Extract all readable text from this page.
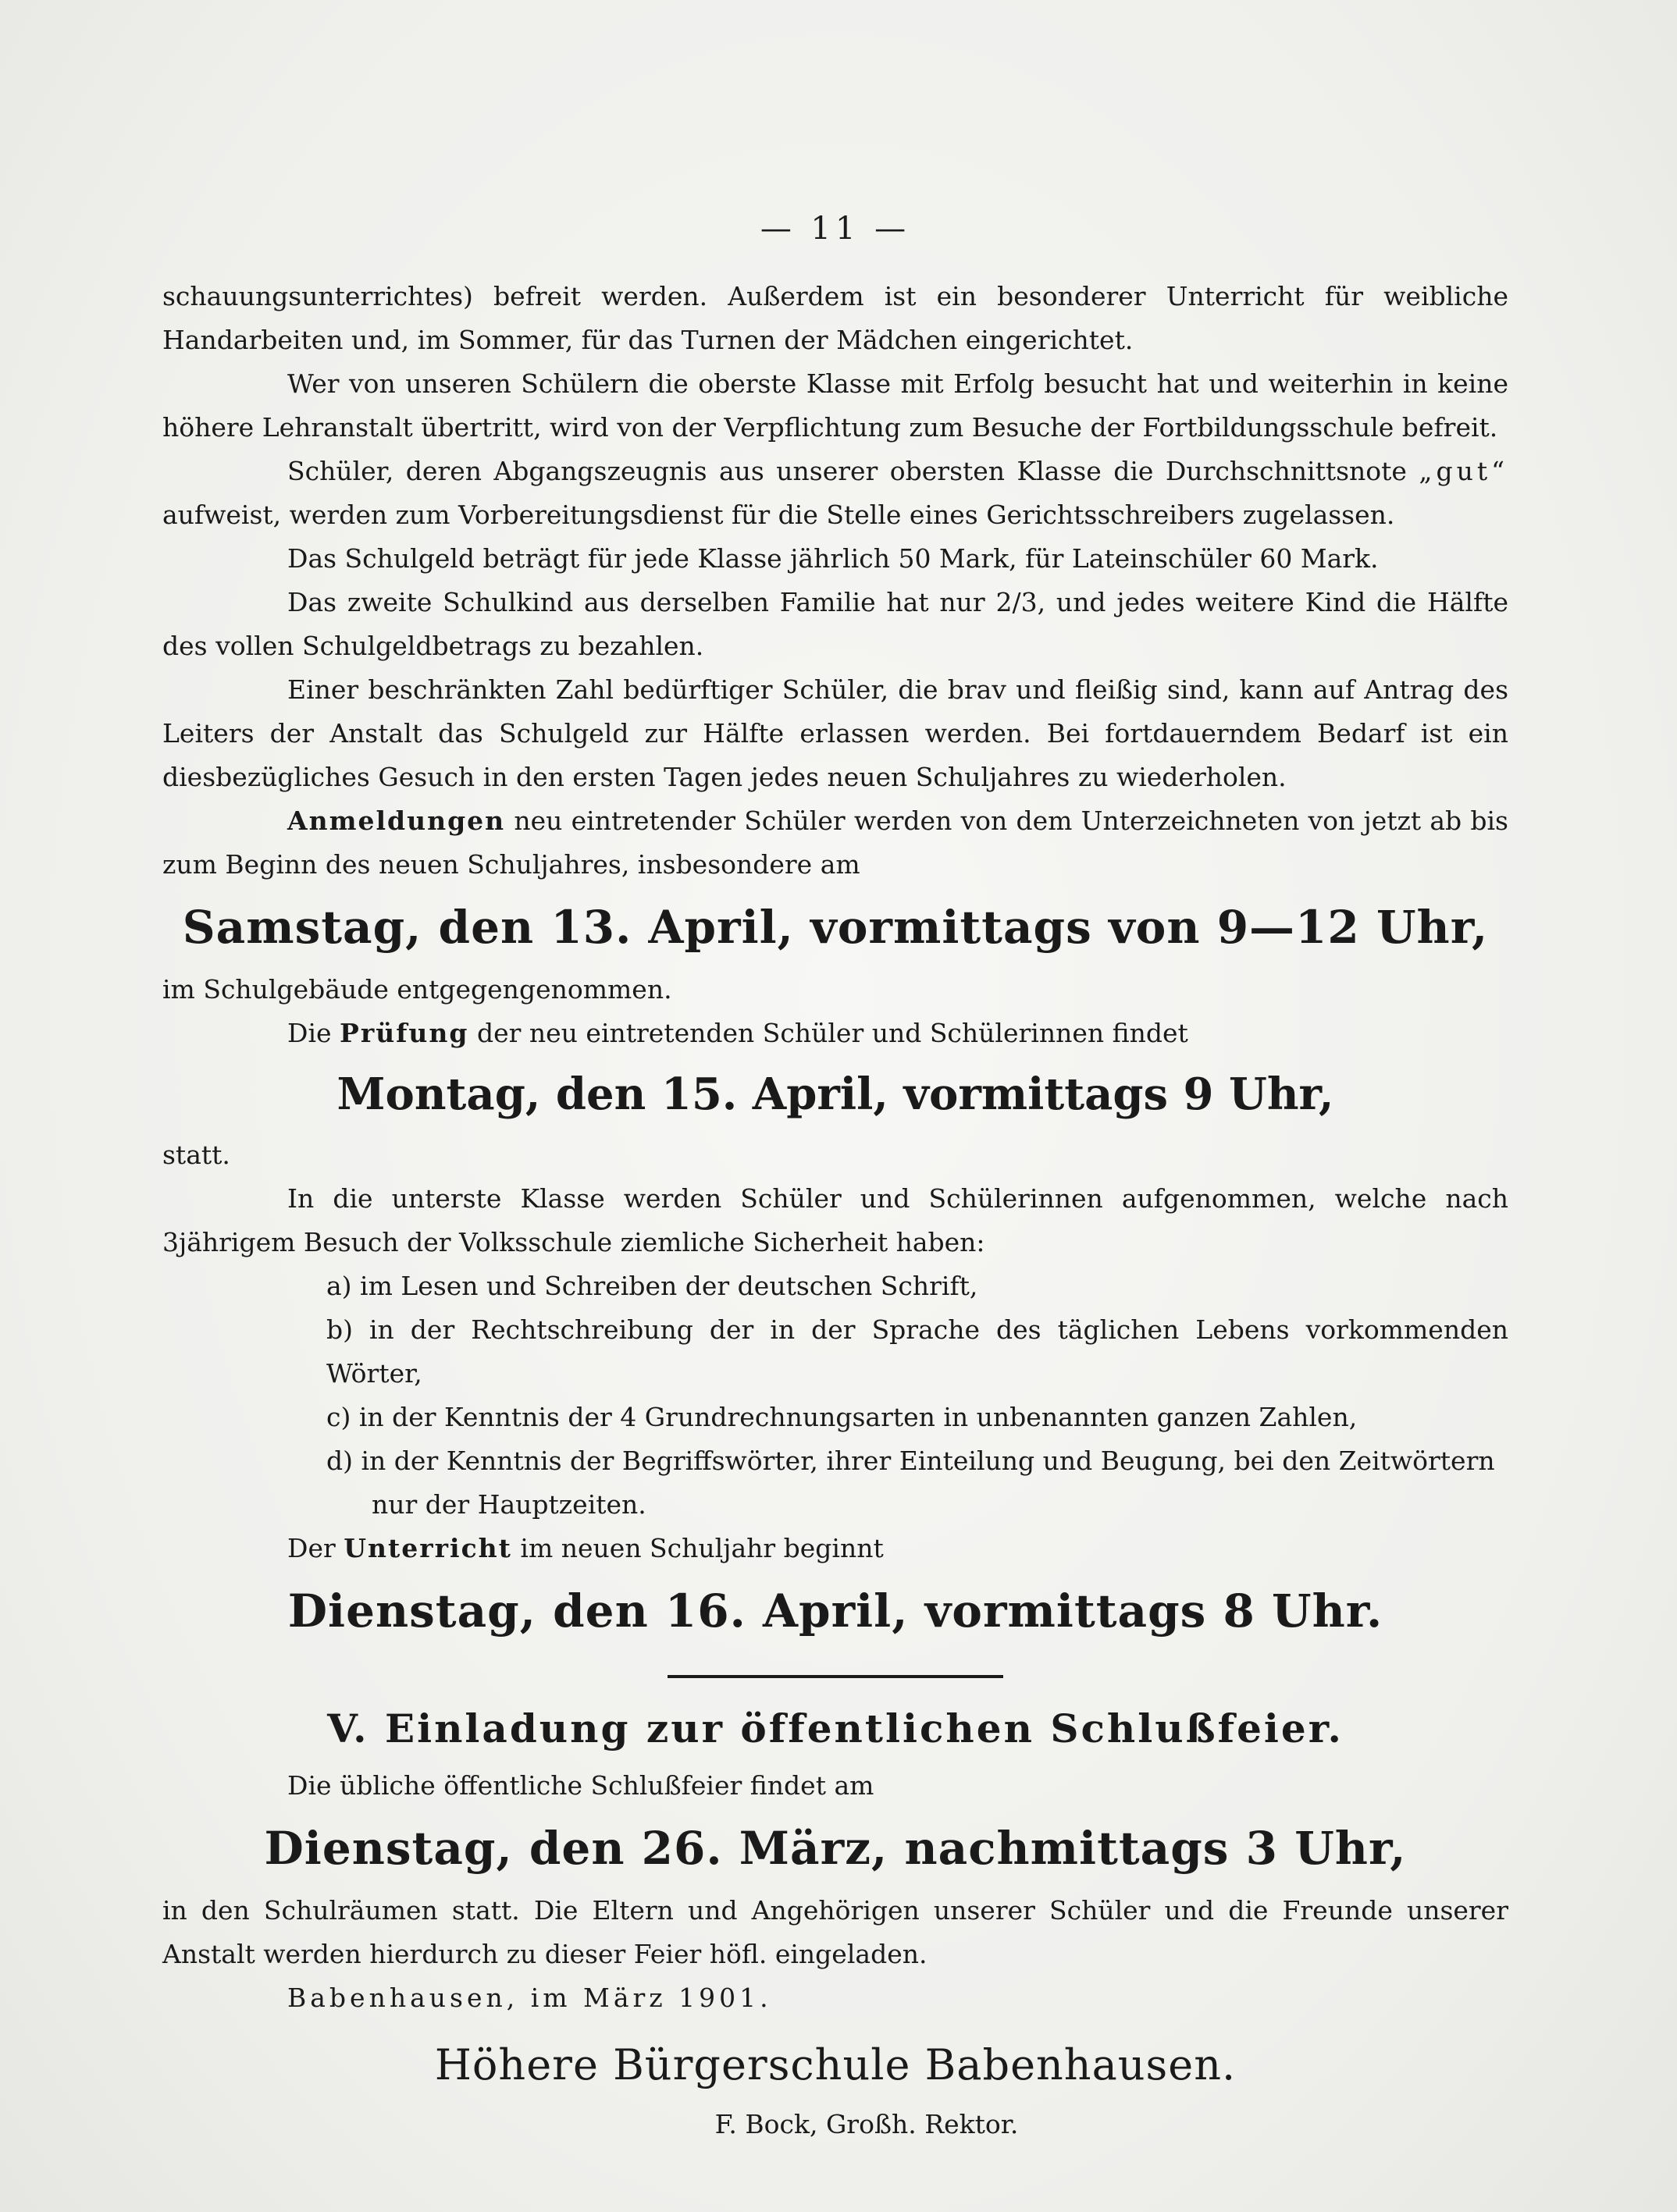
— 11 —

schauungsunterrichtes) befreit werden. Außerdem ist ein besonderer Unterricht für weibliche Handarbeiten und, im Sommer, für das Turnen der Mädchen eingerichtet.

Wer von unseren Schülern die oberste Klasse mit Erfolg besucht hat und weiterhin in keine höhere Lehranstalt übertritt, wird von der Verpflichtung zum Besuche der Fortbildungsschule befreit.

Schüler, deren Abgangszeugnis aus unserer obersten Klasse die Durchschnittsnote „gut“ aufweist, werden zum Vorbereitungsdienst für die Stelle eines Gerichtsschreibers zugelassen.

Das Schulgeld beträgt für jede Klasse jährlich 50 Mark, für Lateinschüler 60 Mark.

Das zweite Schulkind aus derselben Familie hat nur 2/3, und jedes weitere Kind die Hälfte des vollen Schulgeldbetrags zu bezahlen.

Einer beschränkten Zahl bedürftiger Schüler, die brav und fleißig sind, kann auf Antrag des Leiters der Anstalt das Schulgeld zur Hälfte erlassen werden. Bei fortdauerndem Bedarf ist ein diesbezügliches Gesuch in den ersten Tagen jedes neuen Schuljahres zu wiederholen.

Anmeldungen neu eintretender Schüler werden von dem Unterzeichneten von jetzt ab bis zum Beginn des neuen Schuljahres, insbesondere am

Samstag, den 13. April, vormittags von 9—12 Uhr,

im Schulgebäude entgegengenommen.

Die Prüfung der neu eintretenden Schüler und Schülerinnen findet

Montag, den 15. April, vormittags 9 Uhr,

statt.

In die unterste Klasse werden Schüler und Schülerinnen aufgenommen, welche nach 3jährigem Besuch der Volksschule ziemliche Sicherheit haben:

a) im Lesen und Schreiben der deutschen Schrift,

b) in der Rechtschreibung der in der Sprache des täglichen Lebens vorkommenden Wörter,

c) in der Kenntnis der 4 Grundrechnungsarten in unbenannten ganzen Zahlen,

d) in der Kenntnis der Begriffswörter, ihrer Einteilung und Beugung, bei den Zeitwörtern

nur der Hauptzeiten.

Der Unterricht im neuen Schuljahr beginnt

Dienstag, den 16. April, vormittags 8 Uhr.
V. Einladung zur öffentlichen Schlußfeier.

Die übliche öffentliche Schlußfeier findet am

Dienstag, den 26. März, nachmittags 3 Uhr,

in den Schulräumen statt. Die Eltern und Angehörigen unserer Schüler und die Freunde unserer Anstalt werden hierdurch zu dieser Feier höfl. eingeladen.

Babenhausen, im März 1901.

Höhere Bürgerschule Babenhausen.
F. Bock, Großh. Rektor.
